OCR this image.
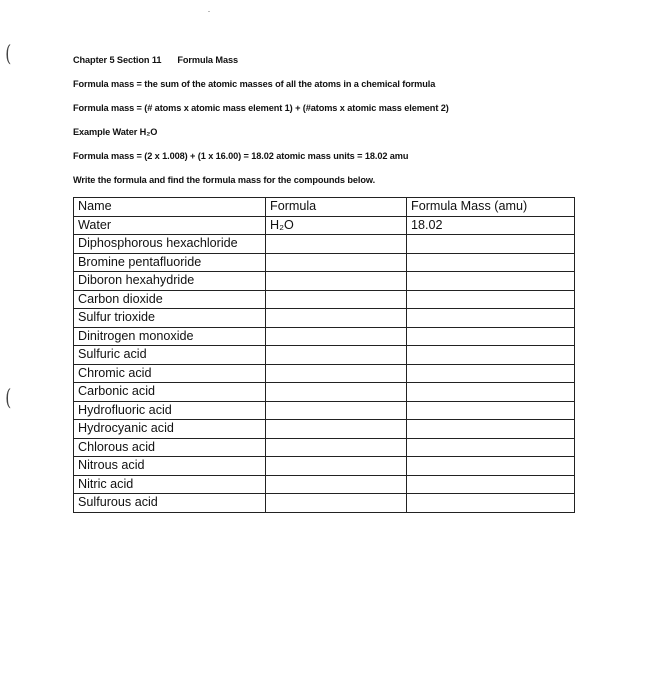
(
(
Chapter 5 Section 11 Formula Mass
Formula mass = the sum of the atomic masses of all the atoms in a chemical formula
Formula mass = (# atoms x atomic mass element 1) + (#atoms x atomic mass element 2)
Example Water H₂O
Formula mass = (2 x 1.008) + (1 x 16.00) = 18.02 atomic mass units = 18.02 amu
Write the formula and find the formula mass for the compounds below.
Name	Formula	Formula Mass (amu)
Water	H₂O	18.02
Diphosphorous hexachloride		
Bromine pentafluoride		
Diboron hexahydride		
Carbon dioxide		
Sulfur trioxide		
Dinitrogen monoxide		
Sulfuric acid		
Chromic acid		
Carbonic acid		
Hydrofluoric acid		
Hydrocyanic acid		
Chlorous acid		
Nitrous acid		
Nitric acid		
Sulfurous acid		
